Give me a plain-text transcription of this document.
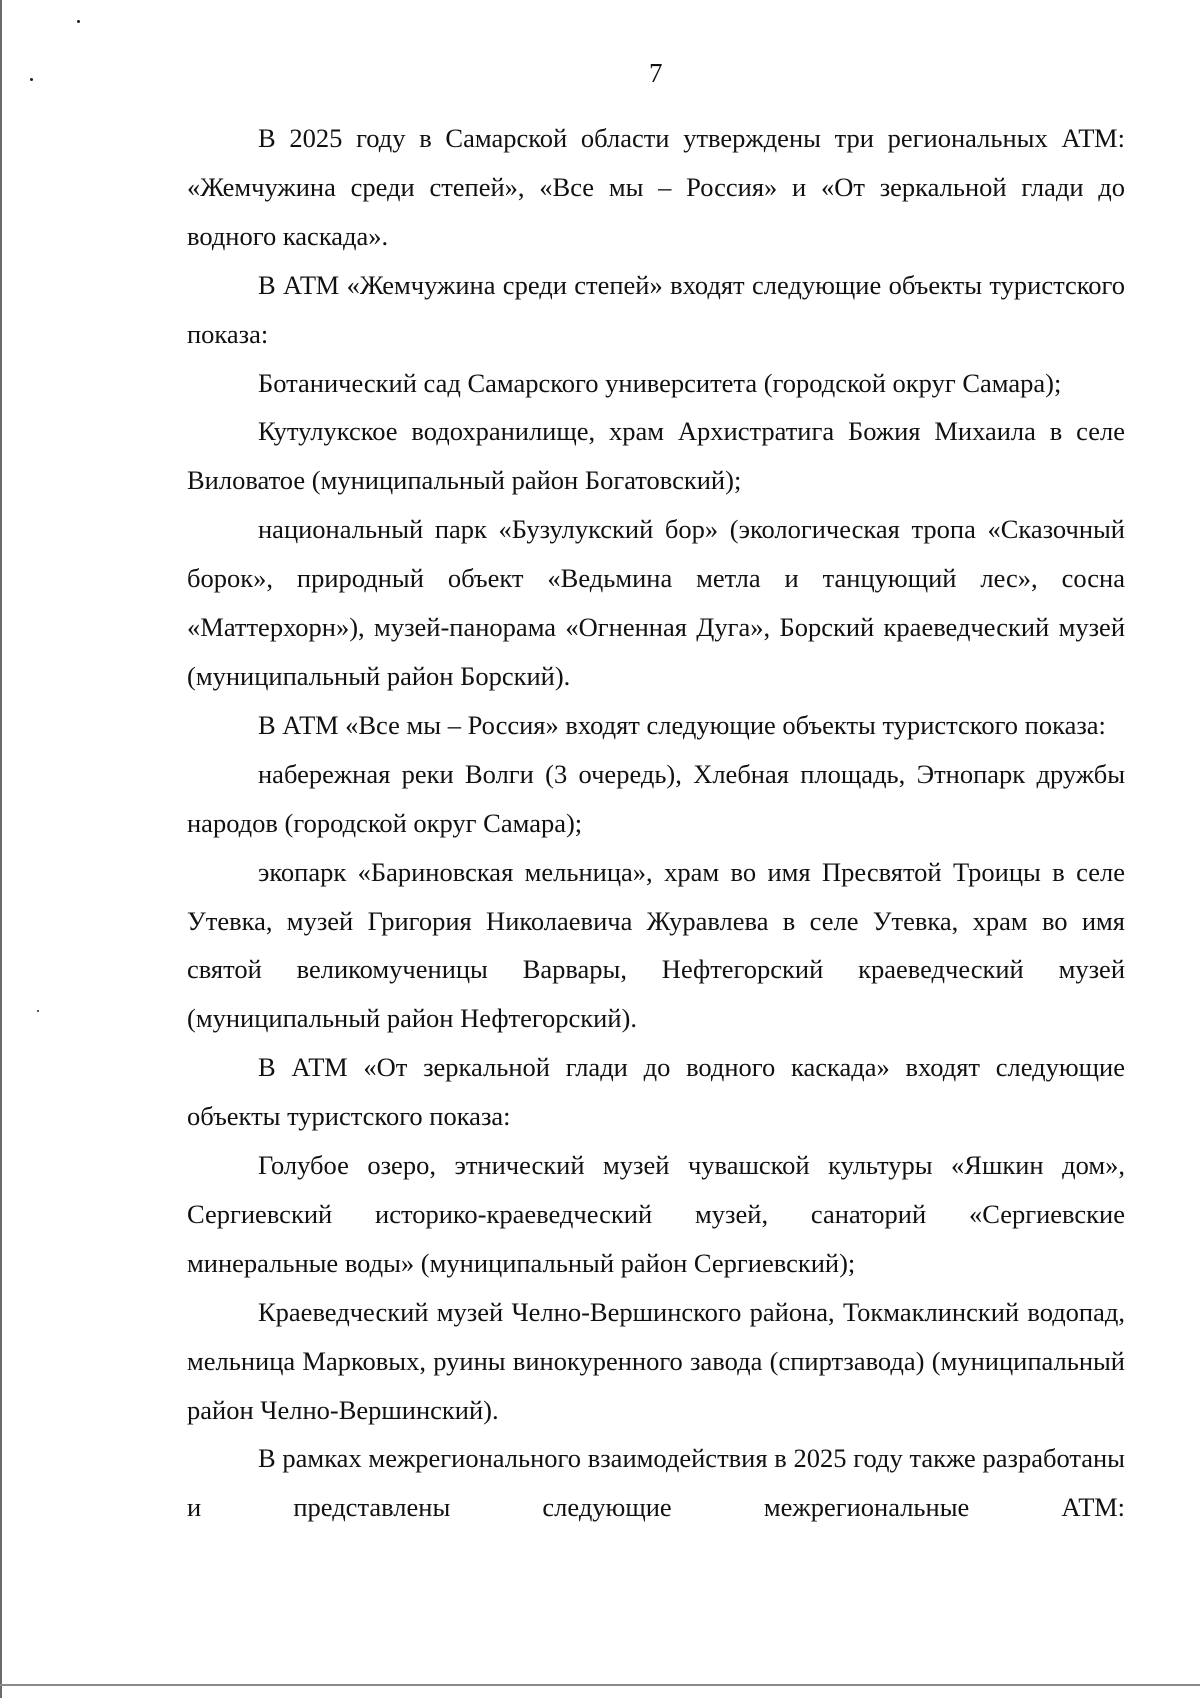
7

В 2025 году в Самарской области утверждены три региональных АТМ: «Жемчужина среди степей», «Все мы – Россия» и «От зеркальной глади до водного каскада».

В АТМ «Жемчужина среди степей» входят следующие объекты туристского показа:

Ботанический сад Самарского университета (городской округ Самара);

Кутулукское водохранилище, храм Архистратига Божия Михаила в селе Виловатое (муниципальный район Богатовский);

национальный парк «Бузулукский бор» (экологическая тропа «Сказочный борок», природный объект «Ведьмина метла и танцующий лес», сосна «Маттерхорн»), музей-панорама «Огненная Дуга», Борский краеведческий музей (муниципальный район Борский).

В АТМ «Все мы – Россия» входят следующие объекты туристского показа:

набережная реки Волги (3 очередь), Хлебная площадь, Этнопарк дружбы народов (городской округ Самара);

экопарк «Бариновская мельница», храм во имя Пресвятой Троицы в селе Утевка, музей Григория Николаевича Журавлева в селе Утевка, храм во имя святой великомученицы Варвары, Нефтегорский краеведческий музей (муниципальный район Нефтегорский).

В АТМ «От зеркальной глади до водного каскада» входят следующие объекты туристского показа:

Голубое озеро, этнический музей чувашской культуры «Яшкин дом», Сергиевский историко-краеведческий музей, санаторий «Сергиевские минеральные воды» (муниципальный район Сергиевский);

Краеведческий музей Челно-Вершинского района, Токмаклинский водопад, мельница Марковых, руины винокуренного завода (спиртзавода) (муниципальный район Челно-Вершинский).

В рамках межрегионального взаимодействия в 2025 году также разработаны и представлены следующие межрегиональные АТМ:
